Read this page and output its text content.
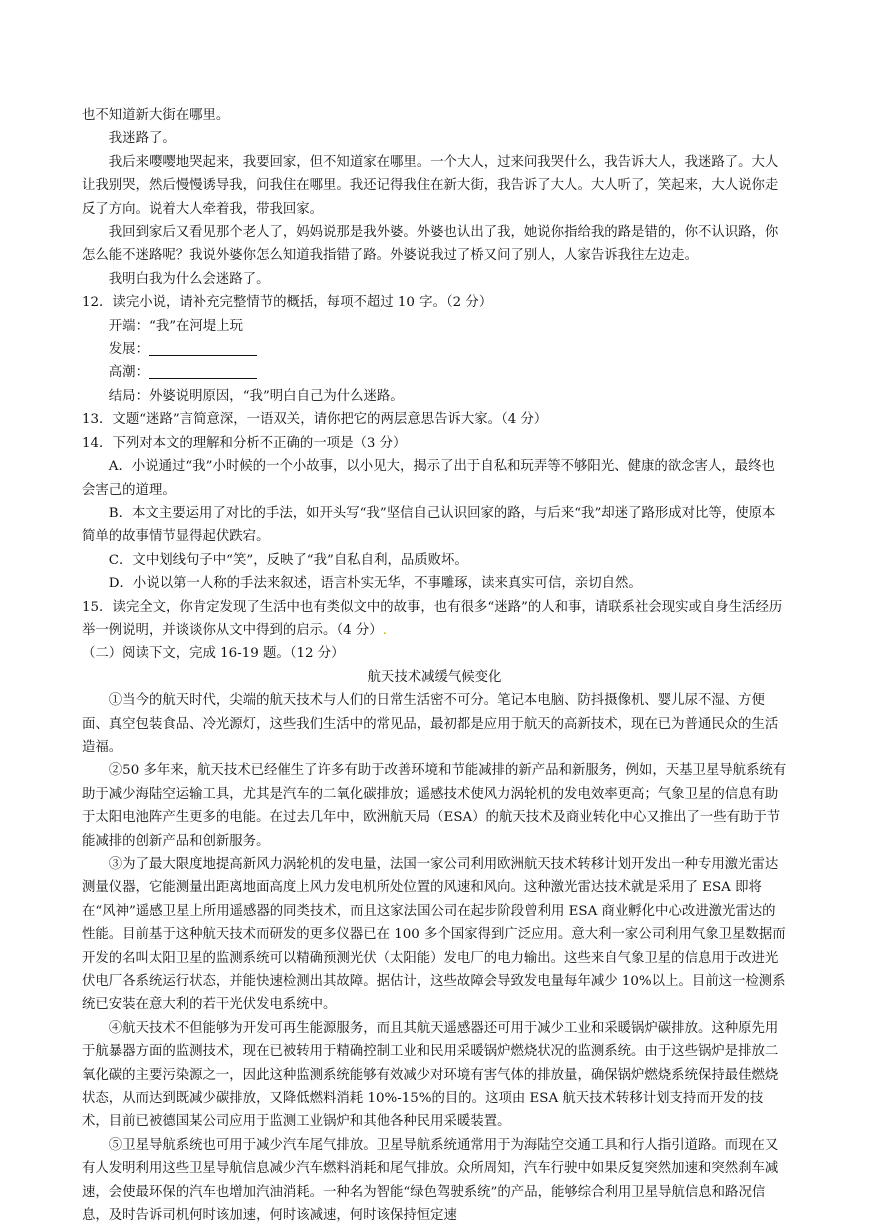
也不知道新大街在哪里。

我迷路了。

我后来嘤嘤地哭起来，我要回家，但不知道家在哪里。一个大人，过来问我哭什么，我告诉大人，我迷路了。大人让我别哭，然后慢慢诱导我，问我住在哪里。我还记得我住在新大街，我告诉了大人。大人听了，笑起来，大人说你走反了方向。说着大人牵着我，带我回家。

我回到家后又看见那个老人了，妈妈说那是我外婆。外婆也认出了我，她说你指给我的路是错的，你不认识路，你怎么能不迷路呢？我说外婆你怎么知道我指错了路。外婆说我过了桥又问了别人，人家告诉我往左边走。

我明白我为什么会迷路了。

12．读完小说，请补充完整情节的概括，每项不超过 10 字。（2 分）

开端：“我”在河堤上玩

发展：

高潮：

结局：外婆说明原因，“我”明白自己为什么迷路。

13．文题“迷路”言简意深，一语双关，请你把它的两层意思告诉大家。（4 分）

14．下列对本文的理解和分析不正确的一项是（3 分）

A．小说通过“我”小时候的一个小故事，以小见大，揭示了出于自私和玩弄等不够阳光、健康的欲念害人，最终也会害己的道理。

B．本文主要运用了对比的手法，如开头写“我”坚信自己认识回家的路，与后来“我”却迷了路形成对比等，使原本简单的故事情节显得起伏跌宕。

C．文中划线句子中“笑”，反映了“我”自私自利，品质败坏。

D．小说以第一人称的手法来叙述，语言朴实无华，不事雕琢，读来真实可信，亲切自然。

15．读完全文，你肯定发现了生活中也有类似文中的故事，也有很多“迷路”的人和事，请联系社会现实或自身生活经历举一例说明，并谈谈你从文中得到的启示。（4 分）.

（二）阅读下文，完成 16-19 题。（12 分）

航天技术减缓气候变化

①当今的航天时代，尖端的航天技术与人们的日常生活密不可分。笔记本电脑、防抖摄像机、婴儿尿不湿、方便面、真空包装食品、冷光源灯，这些我们生活中的常见品，最初都是应用于航天的高新技术，现在已为普通民众的生活造福。

②50 多年来，航天技术已经催生了许多有助于改善环境和节能减排的新产品和新服务，例如，天基卫星导航系统有助于减少海陆空运输工具，尤其是汽车的二氧化碳排放；遥感技术使风力涡轮机的发电效率更高；气象卫星的信息有助于太阳电池阵产生更多的电能。在过去几年中，欧洲航天局（ESA）的航天技术及商业转化中心又推出了一些有助于节能减排的创新产品和创新服务。

③为了最大限度地提高新风力涡轮机的发电量，法国一家公司利用欧洲航天技术转移计划开发出一种专用激光雷达测量仪器，它能测量出距离地面高度上风力发电机所处位置的风速和风向。这种激光雷达技术就是采用了 ESA 即将在“风神”遥感卫星上所用遥感器的同类技术，而且这家法国公司在起步阶段曾利用 ESA 商业孵化中心改进激光雷达的性能。目前基于这种航天技术而研发的更多仪器已在 100 多个国家得到广泛应用。意大利一家公司利用气象卫星数据而开发的名叫太阳卫星的监测系统可以精确预测光伏（太阳能）发电厂的电力输出。这些来自气象卫星的信息用于改进光伏电厂各系统运行状态，并能快速检测出其故障。据估计，这些故障会导致发电量每年减少 10%以上。目前这一检测系统已安装在意大利的若干光伏发电系统中。

④航天技术不但能够为开发可再生能源服务，而且其航天遥感器还可用于减少工业和采暖锅炉碳排放。这种原先用于航暴器方面的监测技术，现在已被转用于精确控制工业和民用采暖锅炉燃烧状况的监测系统。由于这些锅炉是排放二氧化碳的主要污染源之一，因此这种监测系统能够有效减少对环境有害气体的排放量，确保锅炉燃烧系统保持最佳燃烧状态，从而达到既减少碳排放，又降低燃料消耗 10%-15%的目的。这项由 ESA 航天技术转移计划支持而开发的技术，目前已被德国某公司应用于监测工业锅炉和其他各种民用采暖装置。

⑤卫星导航系统也可用于减少汽车尾气排放。卫星导航系统通常用于为海陆空交通工具和行人指引道路。而现在又有人发明利用这些卫星导航信息减少汽车燃料消耗和尾气排放。众所周知，汽车行驶中如果反复突然加速和突然刹车减速，会使最环保的汽车也增加汽油消耗。一种名为智能“绿色驾驶系统”的产品，能够综合利用卫星导航信息和路况信息，及时告诉司机何时该加速，何时该减速，何时该保持恒定速
